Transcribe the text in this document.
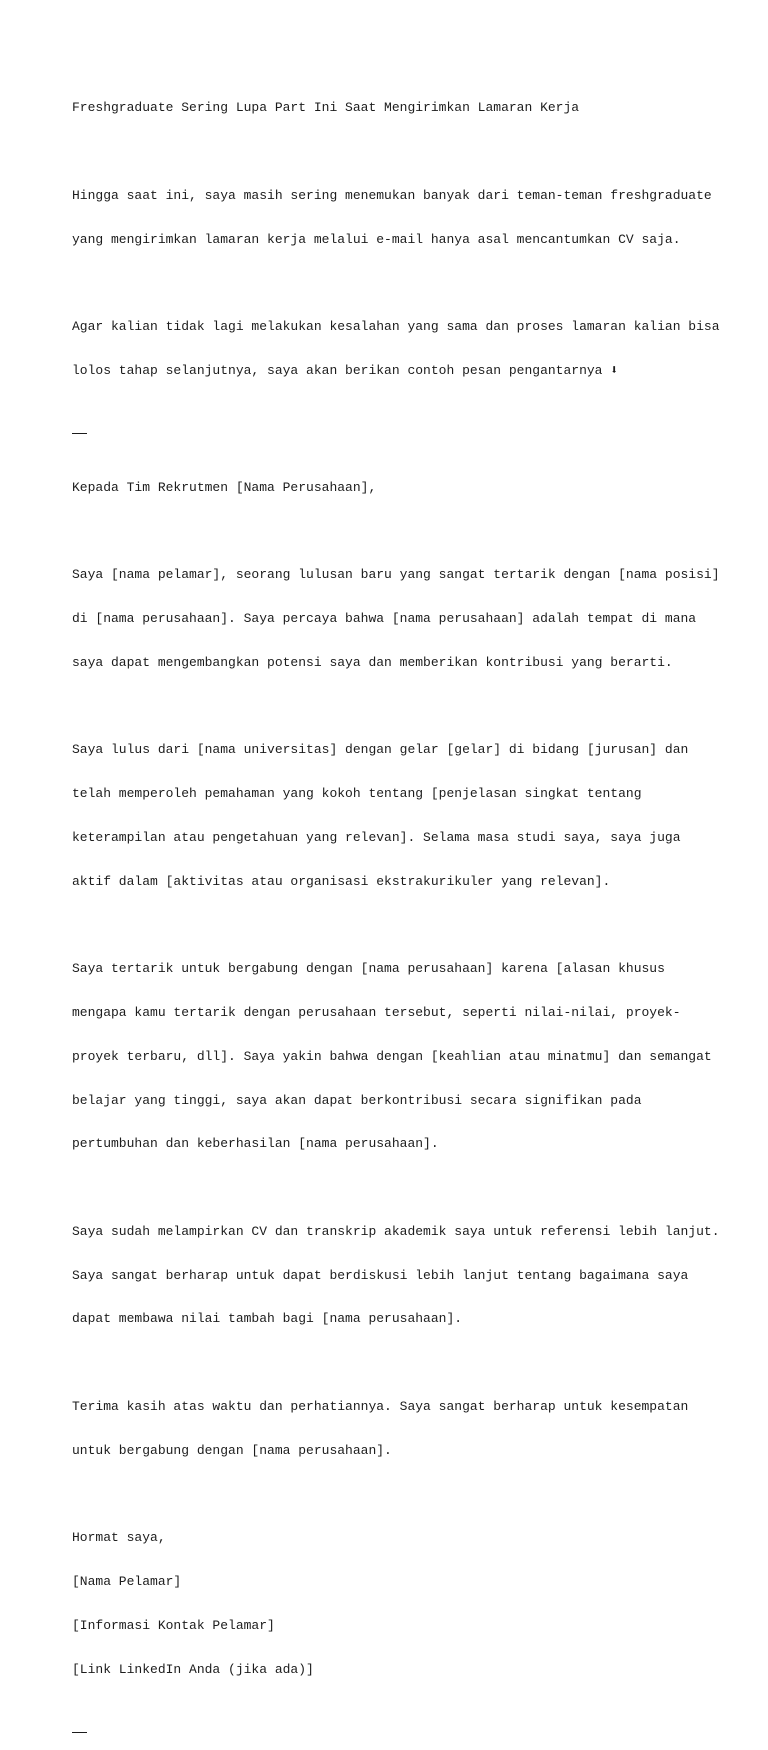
Freshgraduate Sering Lupa Part Ini Saat Mengirimkan Lamaran Kerja

Hingga saat ini, saya masih sering menemukan banyak dari teman-teman freshgraduate

yang mengirimkan lamaran kerja melalui e-mail hanya asal mencantumkan CV saja.

Agar kalian tidak lagi melakukan kesalahan yang sama dan proses lamaran kalian bisa

lolos tahap selanjutnya, saya akan berikan contoh pesan pengantarnya ⬇

Kepada Tim Rekrutmen [Nama Perusahaan],

Saya [nama pelamar], seorang lulusan baru yang sangat tertarik dengan [nama posisi]

di [nama perusahaan]. Saya percaya bahwa [nama perusahaan] adalah tempat di mana

saya dapat mengembangkan potensi saya dan memberikan kontribusi yang berarti.

Saya lulus dari [nama universitas] dengan gelar [gelar] di bidang [jurusan] dan

telah memperoleh pemahaman yang kokoh tentang [penjelasan singkat tentang

keterampilan atau pengetahuan yang relevan]. Selama masa studi saya, saya juga

aktif dalam [aktivitas atau organisasi ekstrakurikuler yang relevan].

Saya tertarik untuk bergabung dengan [nama perusahaan] karena [alasan khusus

mengapa kamu tertarik dengan perusahaan tersebut, seperti nilai-nilai, proyek-

proyek terbaru, dll]. Saya yakin bahwa dengan [keahlian atau minatmu] dan semangat

belajar yang tinggi, saya akan dapat berkontribusi secara signifikan pada

pertumbuhan dan keberhasilan [nama perusahaan].

Saya sudah melampirkan CV dan transkrip akademik saya untuk referensi lebih lanjut.

Saya sangat berharap untuk dapat berdiskusi lebih lanjut tentang bagaimana saya

dapat membawa nilai tambah bagi [nama perusahaan].

Terima kasih atas waktu dan perhatiannya. Saya sangat berharap untuk kesempatan

untuk bergabung dengan [nama perusahaan].

Hormat saya,

[Nama Pelamar]

[Informasi Kontak Pelamar]

[Link LinkedIn Anda (jika ada)]
